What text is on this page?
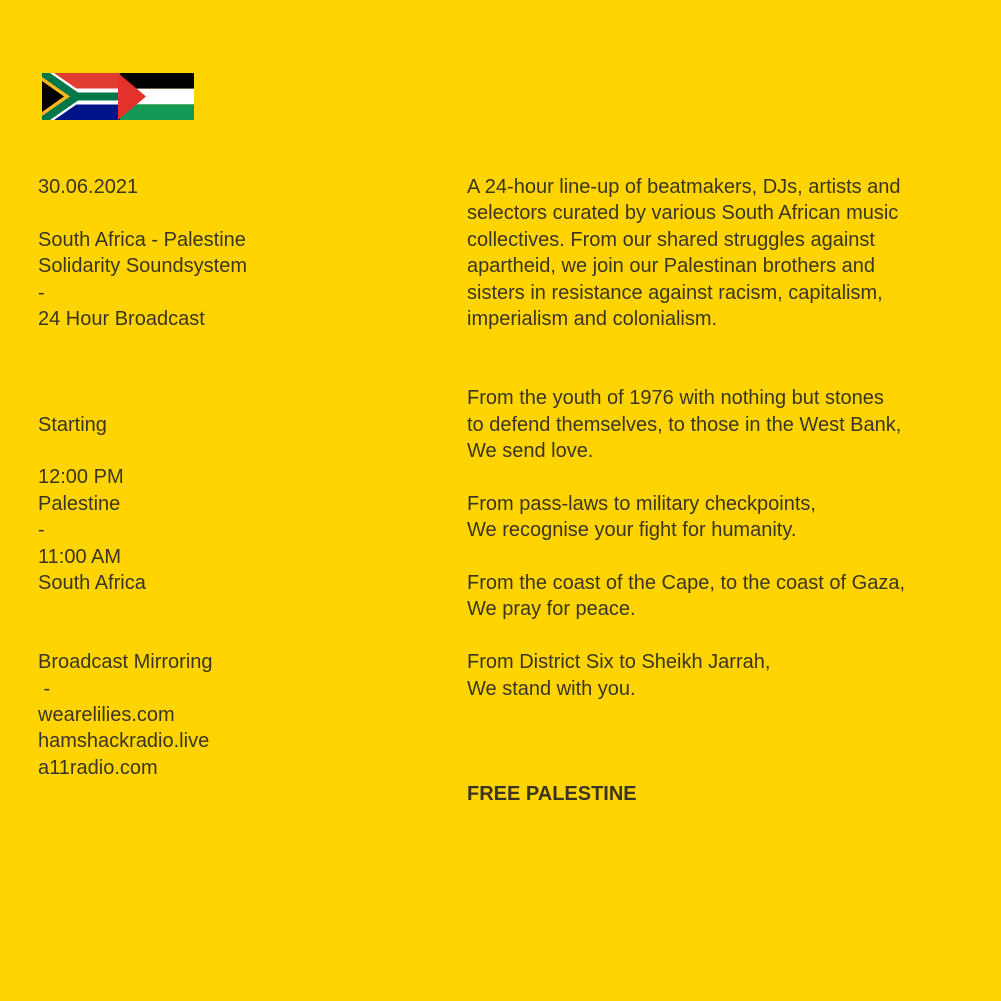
30.06.2021
South Africa - Palestine
Solidarity Soundsystem
-
24 Hour Broadcast
Starting
12:00 PM
Palestine
-
11:00 AM
South Africa
Broadcast Mirroring
-
wearelilies.com
hamshackradio.live
a11radio.com
A 24-hour line-up of beatmakers, DJs, artists and
selectors curated by various South African music
collectives. From our shared struggles against
apartheid, we join our Palestinan brothers and
sisters in resistance against racism, capitalism,
imperialism and colonialism.
From the youth of 1976 with nothing but stones
to defend themselves, to those in the West Bank,
We send love.
From pass-laws to military checkpoints,
We recognise your fight for humanity.
From the coast of the Cape, to the coast of Gaza,
We pray for peace.
From District Six to Sheikh Jarrah,
We stand with you.
FREE PALESTINE
